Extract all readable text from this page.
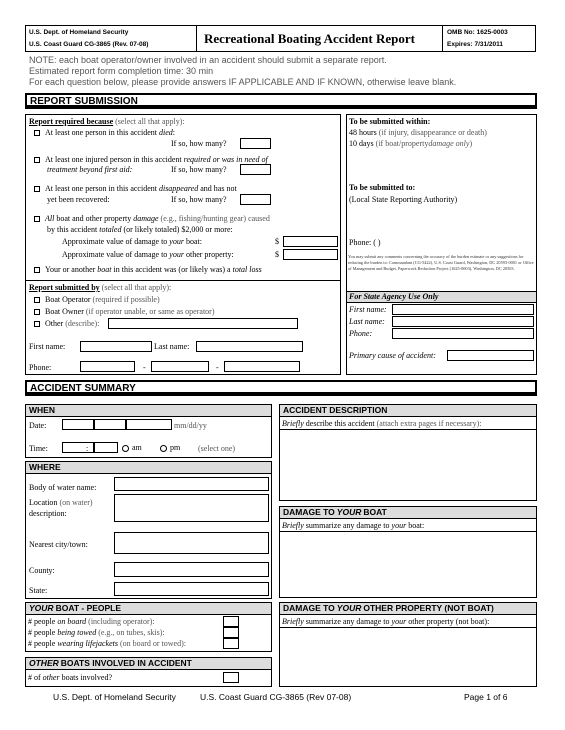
U.S. Dept. of Homeland Security
U.S. Coast Guard CG-3865 (Rev. 07-08)	Recreational Boating Accident Report	OMB No: 1625-0003
Expires: 7/31/2011
NOTE: each boat operator/owner involved in an accident should submit a separate report.
Estimated report form completion time: 30 min
For each question below, please provide answers IF APPLICABLE AND IF KNOWN, otherwise leave blank.
REPORT SUBMISSION
Report required because (select all that apply):
At least one person in this accident died:
If so, how many?
At least one injured person in this accident required or was in need of
treatment beyond first aid:	If so, how many?
At least one person in this accident disappeared and has not
yet been recovered:	If so, how many?
All boat and other property damage (e.g., fishing/hunting gear) caused
by this accident totaled (or likely totaled) $2,000 or more:
Approximate value of damage to your boat:	$
Approximate value of damage to your other property:	$
Your or another boat in this accident was (or likely was) a total loss
Report submitted by (select all that apply):
Boat Operator (required if possible)
Boat Owner (if operator unable, or same as operator)
Other (describe):
First name:	Last name:
Phone:	-	-
To be submitted within:
48 hours (if injury, disappearance or death)
10 days (if boat/propertydamage only)
To be submitted to:
(Local State Reporting Authority)
Phone: ( )
You may submit any comments concerning the accuracy of the burden estimate or any suggestions for reducing the burden to: Commandant (CG-5422), U.S. Coast Guard, Washington, DC 20593-0001 or Office of Management and Budget, Paperwork Reduction Project (1625-0003), Washington, DC 20503.
For State Agency Use Only
First name:
Last name:
Phone:
Primary cause of accident:
ACCIDENT SUMMARY
WHEN
Date:	mm/dd/yy
Time:	:	am	pm (select one)
WHERE
Body of water name:
Location (on water)
description:
Nearest city/town:
County:
State:
YOUR BOAT - PEOPLE
# people on board (including operator):
# people being towed (e.g., on tubes, skis):
# people wearing lifejackets (on board or towed):
OTHER BOATS INVOLVED IN ACCIDENT
# of other boats involved?
ACCIDENT DESCRIPTION
Briefly describe this accident (attach extra pages if necessary):
DAMAGE TO YOUR BOAT
Briefly summarize any damage to your boat:
DAMAGE TO YOUR OTHER PROPERTY (NOT BOAT)
Briefly summarize any damage to your other property (not boat):
U.S. Dept. of Homeland Security	U.S. Coast Guard CG-3865 (Rev 07-08)	Page 1 of 6
